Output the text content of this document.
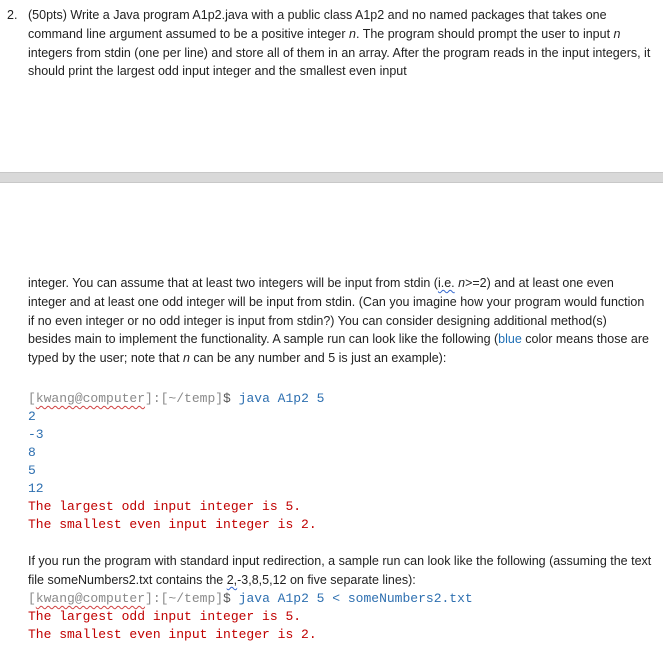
2. (50pts) Write a Java program A1p2.java with a public class A1p2 and no named packages that takes one command line argument assumed to be a positive integer n. The program should prompt the user to input n integers from stdin (one per line) and store all of them in an array. After the program reads in the input integers, it should print the largest odd input integer and the smallest even input
integer. You can assume that at least two integers will be input from stdin (i.e. n>=2) and at least one even integer and at least one odd integer will be input from stdin. (Can you imagine how your program would function if no even integer or no odd integer is input from stdin?) You can consider designing additional method(s) besides main to implement the functionality. A sample run can look like the following (blue color means those are typed by the user; note that n can be any number and 5 is just an example):
[kwang@computer]:[~/temp]$ java A1p2 5
2
-3
8
5
12
The largest odd input integer is 5.
The smallest even input integer is 2.
If you run the program with standard input redirection, a sample run can look like the following (assuming the text file someNumbers2.txt contains the 2,-3,8,5,12 on five separate lines):
[kwang@computer]:[~/temp]$ java A1p2 5 < someNumbers2.txt
The largest odd input integer is 5.
The smallest even input integer is 2.
